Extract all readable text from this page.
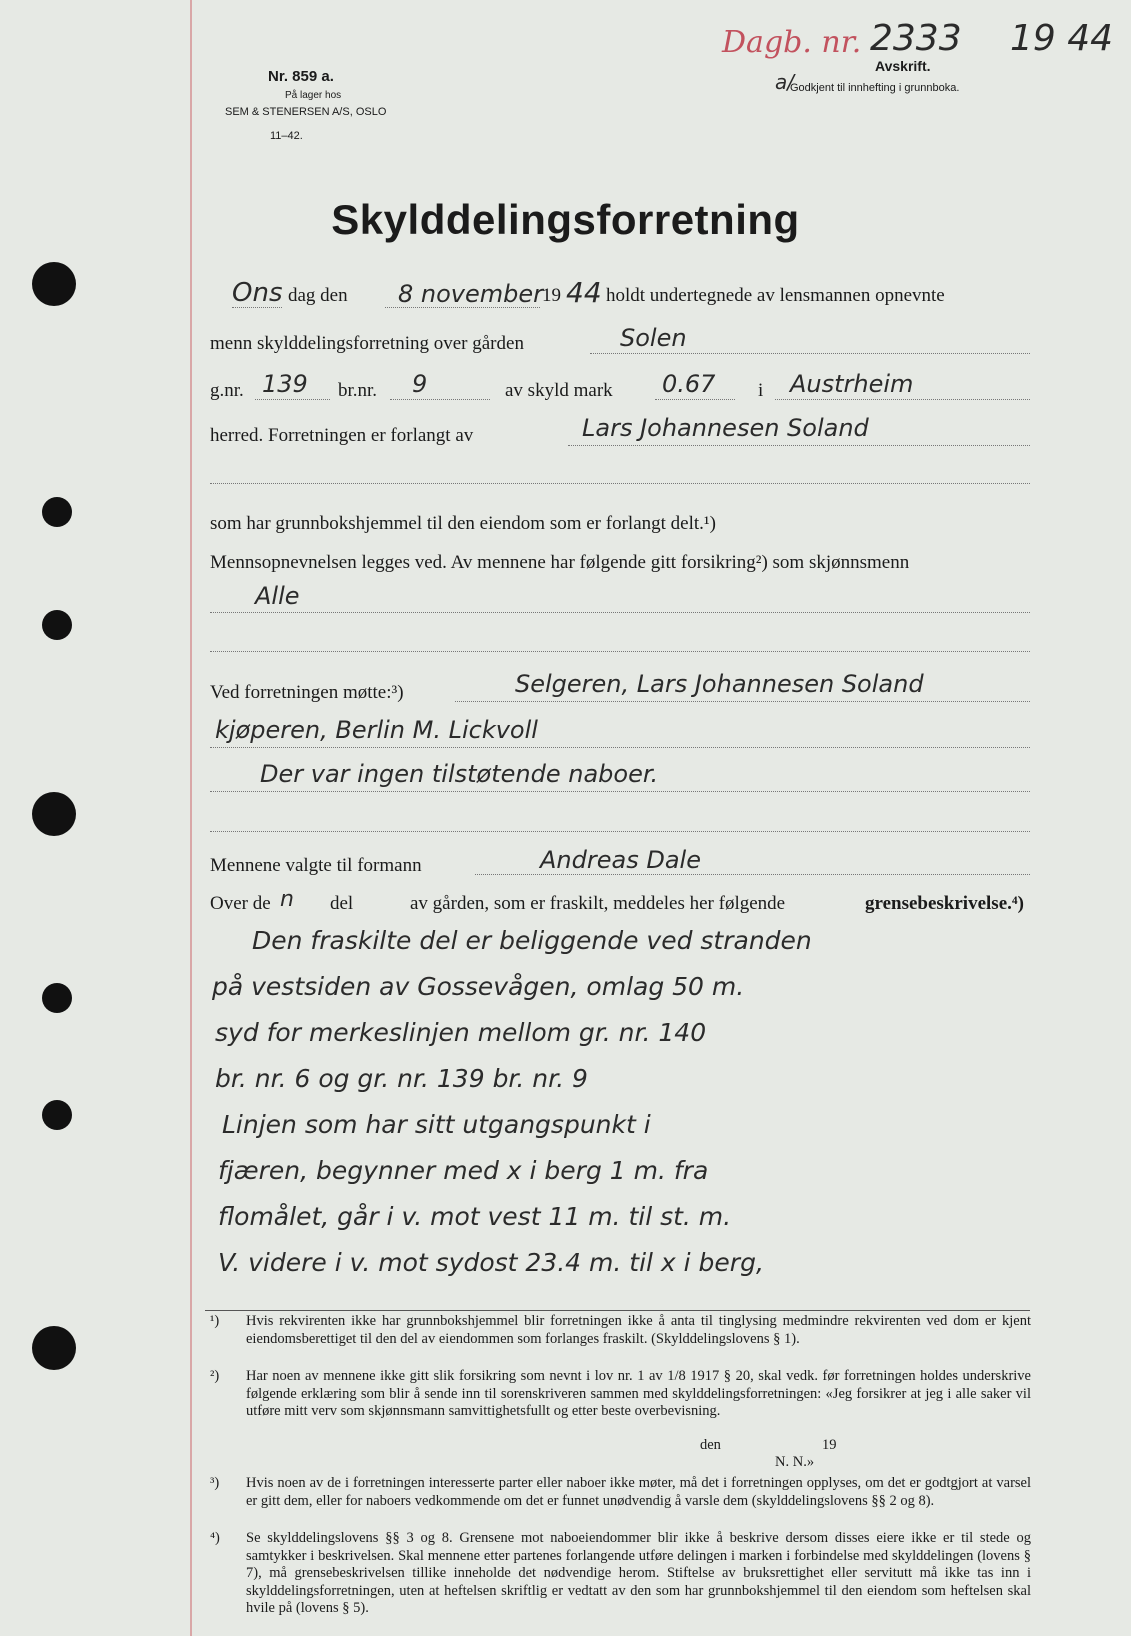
Nr. 859 a.
På lager hos
SEM & STENERSEN A/S, OSLO
11–42.
Dagb. nr. 2333 19 44
a/
Avskrift.
Godkjent til innhefting i grunnboka.
Skylddelingsforretning
Ons dag den 8 november
19 44 holdt undertegnede av lensmannen opnevnte
menn skylddelingsforretning over gården	Solen
g.nr. 139 br.nr. 9	av skyld mark 0.67 i Austrheim
herred. Forretningen er forlangt av	Lars Johannesen Soland
som har grunnbokshjemmel til den eiendom som er forlangt delt.¹)
Mennsopnevnelsen legges ved. Av mennene har følgende gitt forsikring²) som skjønnsmenn
Alle
Ved forretningen møtte:³)	Selgeren, Lars Johannesen Soland
kjøperen, Berlin M. Lickvoll
Der var ingen tilstøtende naboer.
Mennene valgte til formann	Andreas Dale
Over de n del	av gården, som er fraskilt, meddeles her følgende	grensebeskrivelse.⁴)
Den fraskilte del er beliggende ved stranden
på vestsiden av Gossevågen, omlag 50 m.
syd for merkeslinjen mellom gr. nr. 140
br. nr. 6 og gr. nr. 139 br. nr. 9
Linjen som har sitt utgangspunkt i
fjæren, begynner med x i berg 1 m. fra
flomålet, går i v. mot vest 11 m. til st. m.
V. videre i v. mot sydost 23.4 m. til x i berg,
¹)	Hvis rekvirenten ikke har grunnbokshjemmel blir forretningen ikke å anta til tinglysing medmindre rekvirenten ved dom er kjent eiendomsberettiget til den del av eiendommen som forlanges fraskilt. (Skylddelingslovens § 1).
²)	Har noen av mennene ikke gitt slik forsikring som nevnt i lov nr. 1 av 1/8 1917 § 20, skal vedk. før forretningen holdes underskrive følgende erklæring som blir å sende inn til sorenskriveren sammen med skylddelingsforretningen: «Jeg forsikrer at jeg i alle saker vil utføre mitt verv som skjønnsmann samvittighetsfullt og etter beste overbevisning.
den	19
N. N.»
³)	Hvis noen av de i forretningen interesserte parter eller naboer ikke møter, må det i forretningen opplyses, om det er godtgjort at varsel er gitt dem, eller for naboers vedkommende om det er funnet unødvendig å varsle dem (skylddelingslovens §§ 2 og 8).
⁴)	Se skylddelingslovens §§ 3 og 8. Grensene mot naboeiendommer blir ikke å beskrive dersom disses eiere ikke er til stede og samtykker i beskrivelsen. Skal mennene etter partenes forlangende utføre delingen i marken i forbindelse med skylddelingen (lovens § 7), må grensebeskrivelsen tillike inneholde det nødvendige herom. Stiftelse av bruksrettighet eller servitutt må ikke tas inn i skylddelingsforretningen, uten at heftelsen skriftlig er vedtatt av den som har grunnbokshjemmel til den eiendom som heftelsen skal hvile på (lovens § 5).
